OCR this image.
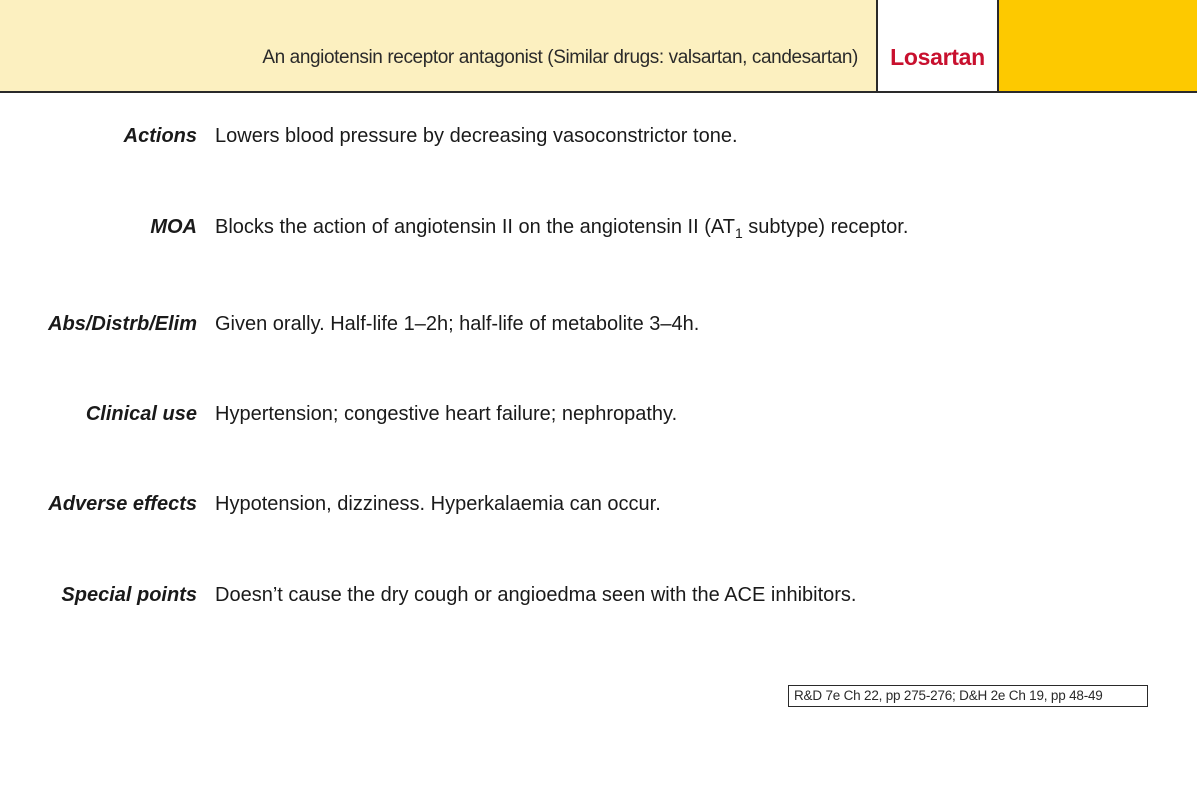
An angiotensin receptor antagonist (Similar drugs: valsartan, candesartan)	Losartan
Actions Lowers blood pressure by decreasing vasoconstrictor tone.
MOA Blocks the action of angiotensin II on the angiotensin II ($AT_1$ subtype) receptor.
Abs/Distrb/Elim Given orally. Half-life 1–2h; half-life of metabolite 3–4h.
Clinical use Hypertension; congestive heart failure; nephropathy.
Adverse effects Hypotension, dizziness. Hyperkalaemia can occur.
Special points Doesn’t cause the dry cough or angioedma seen with the ACE inhibitors.
R&D 7e Ch 22, pp 275-276; D&H 2e Ch 19, pp 48-49
